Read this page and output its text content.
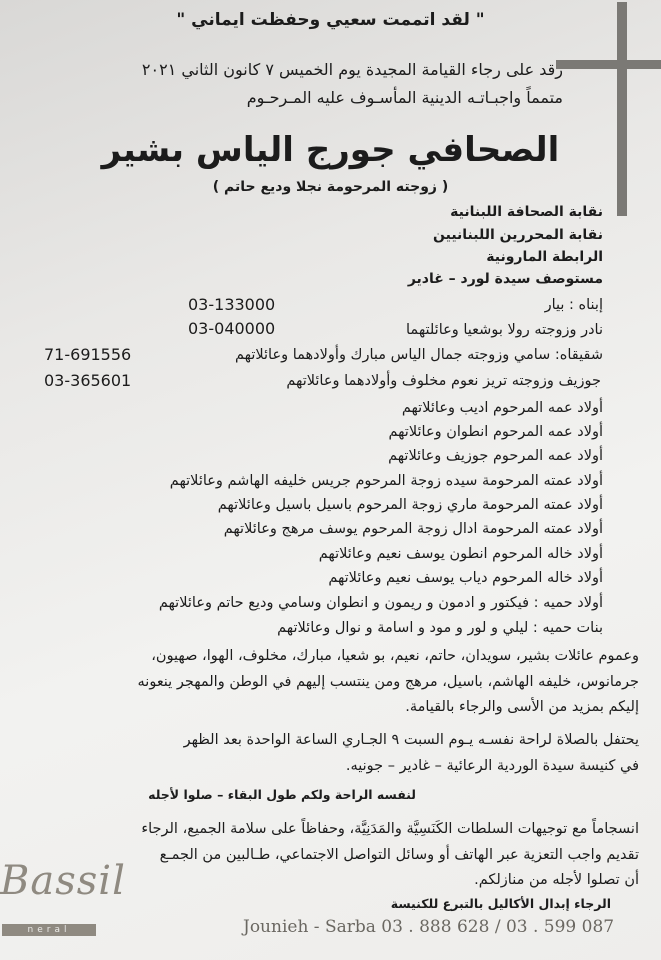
" لقد اتممت سعيي وحفظت ايماني "
رقد على رجاء القيامة المجيدة يوم الخميس ٧ كانون الثاني ٢٠٢١
متمماً واجبـاتـه الدينية المأسـوف عليه المـرحـوم
الصحافي جورج الياس بشير
( زوجته المرحومة نجلا وديع حاتم )
نقابة الصحافة اللبنانية
نقابة المحررين اللبنانيين
الرابطة المارونية
مستوصف سيدة لورد – غادير
إبناه : بيار
03-133000
نادر وزوجته رولا بوشعيا وعائلتهما
03-040000
شقيقاه: سامي وزوجته جمال الياس مبارك وأولادهما وعائلاتهم
71-691556
جوزيف وزوجته تريز نعوم مخلوف وأولادهما وعائلاتهم
03-365601
أولاد عمه المرحوم اديب وعائلاتهم
أولاد عمه المرحوم انطوان وعائلاتهم
أولاد عمه المرحوم جوزيف وعائلاتهم
أولاد عمته المرحومة سيده زوجة المرحوم جريس خليفه الهاشم وعائلاتهم
أولاد عمته المرحومة ماري زوجة المرحوم باسيل باسيل وعائلاتهم
أولاد عمته المرحومة ادال زوجة المرحوم يوسف مرهج وعائلاتهم
أولاد خاله المرحوم انطون يوسف نعيم وعائلاتهم
أولاد خاله المرحوم دياب يوسف نعيم وعائلاتهم
أولاد حميه : فيكتور و ادمون و ريمون و انطوان وسامي وديع حاتم وعائلاتهم
بنات حميه : ليلي و لور و مود و اسامة و نوال وعائلاتهم
وعموم عائلات بشير، سويدان، حاتم، نعيم، بو شعيا، مبارك، مخلوف، الهوا، صهيون،
جرمانوس، خليفه الهاشم، باسيل، مرهج ومن ينتسب إليهم في الوطن والمهجر ينعونه
إليكم بمزيد من الأسى والرجاء بالقيامة.
يحتفل بالصلاة لراحة نفسـه يـوم السبت ٩ الجـاري الساعة الواحدة بعد الظهر
في كنيسة سيدة الوردية الرعائية – غادير – جونيه.
لنفسه الراحة ولكم طول البقاء – صلوا لأجله
انسجاماً مع توجيهات السلطات الكَنَسِيَّة والمَدَنِيَّة، وحفاظاً على سلامة الجميع، الرجاء
تقديم واجب التعزية عبر الهاتف أو وسائل التواصل الاجتماعي، طـالبين من الجمـع
أن تصلوا لأجله من منازلكم.
الرجاء إبدال الأكاليل بالتبرع للكنيسة
Bassil
neral	Jounieh - Sarba 03 . 888 628 / 03 . 599 087
